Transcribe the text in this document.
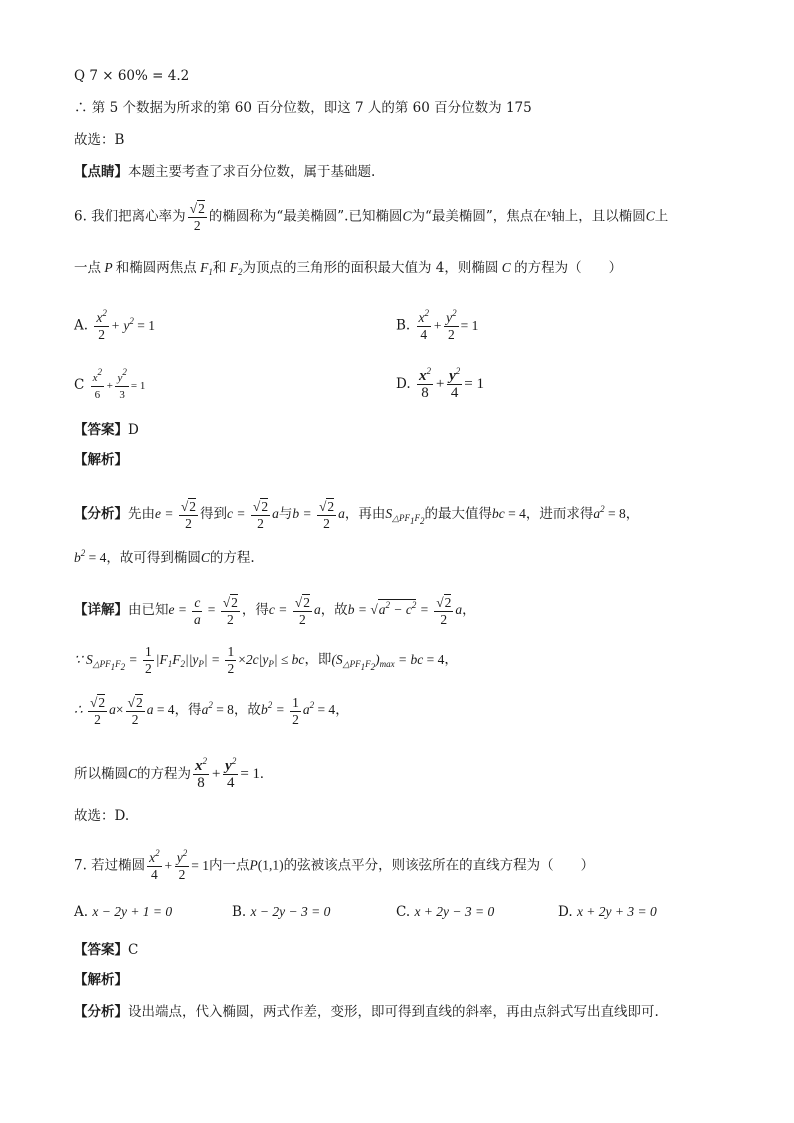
Q 7 × 60% = 4.2
∴ 第 5 个数据为所求的第 60 百分位数，即这 7 人的第 60 百分位数为 175
故选：B
【点睛】本题主要考查了求百分位数，属于基础题.
6. 我们把离心率为 $\frac{√2}{2}$ 的椭圆称为“最美椭圆”.已知椭圆C为“最美椭圆”，焦点在$^x$轴上，且以椭圆C上
一点 P 和椭圆两焦点 $F_1$和 $F_2$为顶点的三角形的面积最大值为 4，则椭圆 C 的方程为（　　）
A. $\frac{x^2}{2} + y^2 = 1$	B. $\frac{x^2}{4} + \frac{y^2}{2} = 1$
C $\frac{x^2}{6} + \frac{y^2}{3} = 1$	D. $\frac{x^2}{8} + \frac{y^2}{4} = 1$
【答案】D
【解析】
【分析】先由$e = \frac{√2}{2}$ 得到$c = \frac{√2}{2}$ a与$b = \frac{√2}{2}$ a，再由$S_{\triangle PF_1F_2}$的最大值得bc = 4，进而求得$a^2 = 8$，
$b^2 = 4$，故可得到椭圆C的方程.
【详解】由已知$e = \frac{c}{a} = \frac{√2}{2}$ ，得$c = \frac{√2}{2}$ a，故$b = √a^2 - c^2 = \frac{√2}{2}$ a，
∵ $S_{\triangle PF_1F_2} = \frac{1}{2} |F_1F_2||y_P| = \frac{1}{2} \times 2c|y_P|$ ≤ bc，即$(S_{\triangle PF_1F_2})_{max}$ = bc = 4，
∴ $\frac{√2}{2} a\times \frac{√2}{2}$ a = 4，得$a^2 = 8$，故$b^2 = \frac{1}{2} a^2 = 4$，
所以椭圆C的方程为 $\frac{x^2}{8} + \frac{y^2}{4} = 1$.
故选：D.
7. 若过椭圆 $\frac{x^2}{4} + \frac{y^2}{2} = 1$内一点P(1,1)的弦被该点平分，则该弦所在的直线方程为（　　）
A. x − 2y + 1 = 0	B. x − 2y − 3 = 0	C. x + 2y − 3 = 0	D. x + 2y + 3 = 0
【答案】C
【解析】
【分析】设出端点，代入椭圆，两式作差，变形，即可得到直线的斜率，再由点斜式写出直线即可.
